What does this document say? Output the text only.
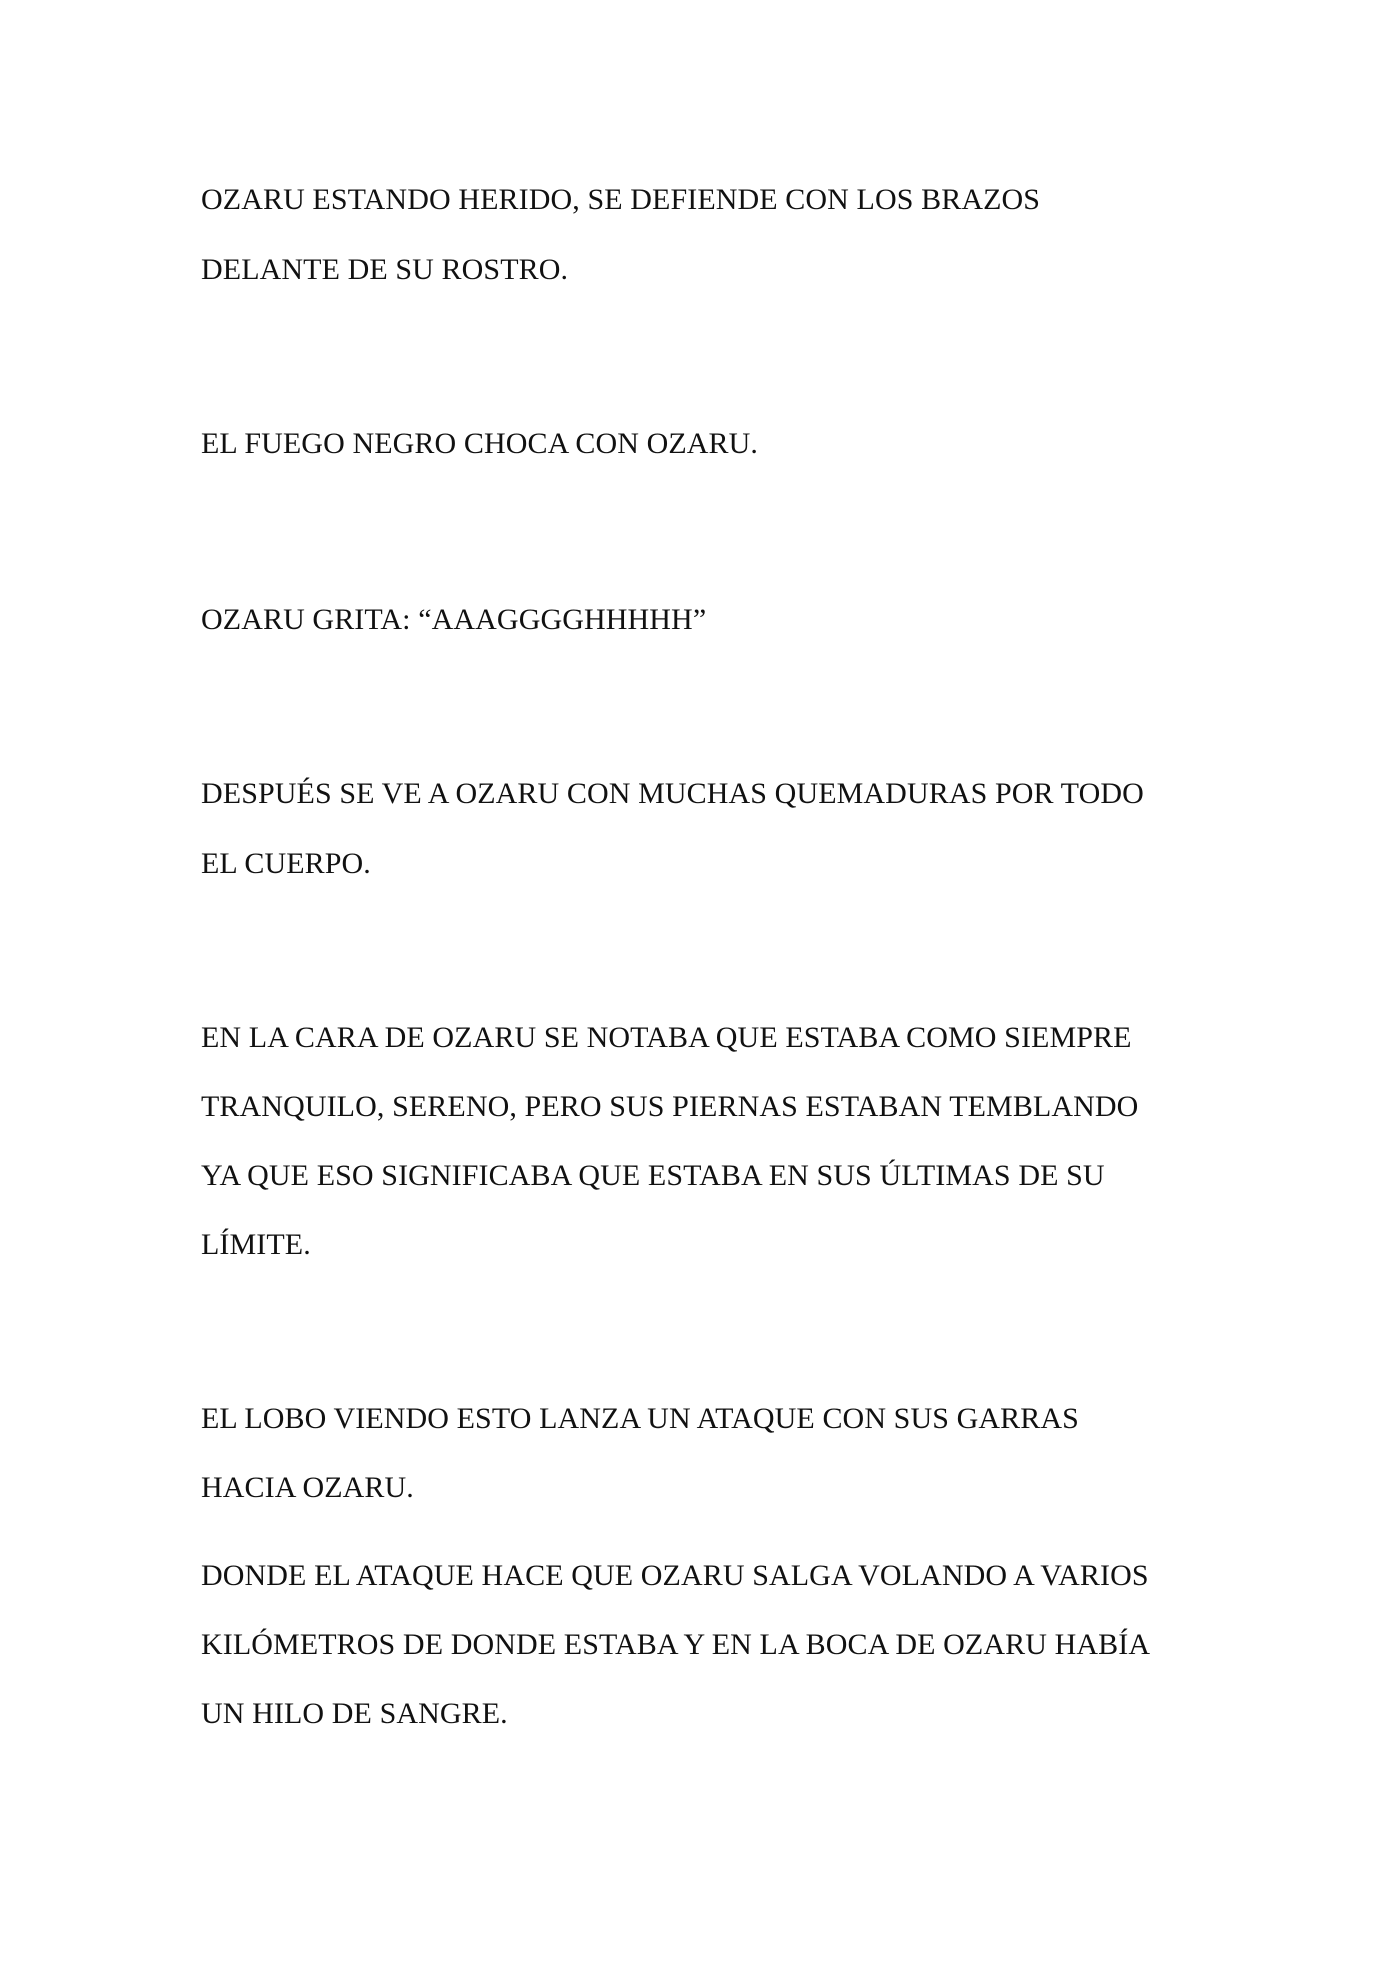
OZARU ESTANDO HERIDO, SE DEFIENDE CON LOS BRAZOS
DELANTE DE SU ROSTRO.
EL FUEGO NEGRO CHOCA CON OZARU.
OZARU GRITA: “AAAGGGGHHHHH”
DESPUÉS SE VE A OZARU CON MUCHAS QUEMADURAS POR TODO
EL CUERPO.
EN LA CARA DE OZARU SE NOTABA QUE ESTABA COMO SIEMPRE
TRANQUILO, SERENO, PERO SUS PIERNAS ESTABAN TEMBLANDO
YA QUE ESO SIGNIFICABA QUE ESTABA EN SUS ÚLTIMAS DE SU
LÍMITE.
EL LOBO VIENDO ESTO LANZA UN ATAQUE CON SUS GARRAS
HACIA OZARU.
DONDE EL ATAQUE HACE QUE OZARU SALGA VOLANDO A VARIOS
KILÓMETROS DE DONDE ESTABA Y EN LA BOCA DE OZARU HABÍA
UN HILO DE SANGRE.
